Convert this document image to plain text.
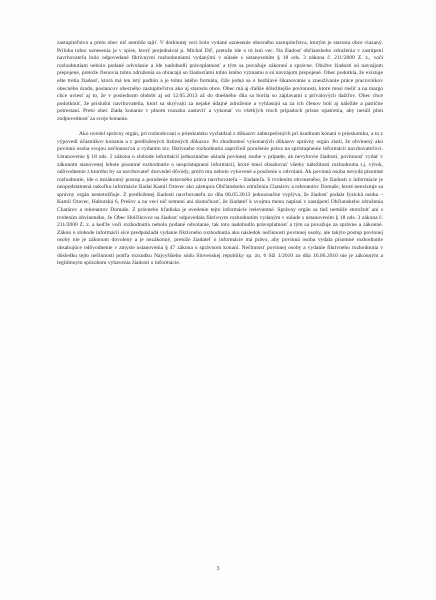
zastupiteľstvo a preto obec nič nemôže tajiť. V dotknutej veci bolo vydané uznesenie obecného zastupiteľstva, ktorým je starosta obce viazaný. Príloha tohto uznesenia je v spise, ktorý prejednával p. Michal Diľ, pretože ide o tú istú vec. Na žiadosť občianskeho združenia v zastúpení navrhovateľa bolo odpovedané fiktívnymi rozhodnutiami vydanými v súlade s ustanovením § 18 ods. 3 zákona č. 211/2000 Z. z., voči rozhodnutiam nebolo podané odvolanie a ide nadobudli právoplatnosť a tým sa považuje zákonné a správne. Obidve žiadosti sú navzájom prepojené, pretože členovia tohto združenia sa obracajú so žiadosťami tohto istého významu a sú navzájom prepojené. Obec podotkla, že existuje ešte tretia žiadosť, ktorá má ten istý podtón a je tohto istého formátu, čiže jedná sa o bezhlavé šikanovanie a zneužívanie práce pracovníkov obecného úradu, poslancov obecného zastupiteľstva ako aj starostu obce. Obec má aj ďalšie dôležitejšie povinnosti, ktoré musí riešiť a na margo chce uviesť aj to, že v poslednom období aj od 12.05.2013 až do dnešného dňa sa borila so záplavami z prívalových dažďov. Obec chce podotknúť, že príslušní navrhovatelia, ktorí sa skrývajú za nejaké údajné združenie a vyhlasujú sa za ich členov boli aj náležite a patrične potrestaní. Preto obec žiada konanie v plnom rozsahu zastaviť a vykonať vo všetkých troch prípadoch prísne opatrenia, aby nesúli plnú zodpovednosť za svoje konanie.

Ako uvedol správny orgán, pri rozhodovaní o prieskumku vychádzal z dôkazov zabezpečených pri úsudnom konaní o prieskumku, a to z výpovedí účastníkov konania a z predložených listinných dôkazov. Po zhodnotení vykonaných dôkazov správny orgán zistil, že obvinený ako povinná osoba svojou nečinnosťou a vydaním tzv. fiktívneho rozhodnutia zapríčinil porušenie práva na sprístupnenie informácií navrhovateľovi. Ustanovenie § 18 ods. 2 zákona o slobode informácií jednoznačne ukladá povinnej osobe v prípade, ak nevyhovie žiadosti, povinnosť vydať v zákonom stanovenej lehote písomné rozhodnutie o nesprístupnení informácií, ktoré musí obsahovať všetky náležitosti rozhodnutia t.j. výrok, odôvodnenie z ktorého by sa navrhovateľ dozvedel dôvody, prečo mu nebolo vyhovené a poučenie o odvolaní. Ak povinná osoba nevydá písomné rozhodnutie, ide o nezákonný postup a porušenie ústavného práva navrhovateľa – žiadateľa. S tvrdením obvineného, že žiadosti o informácie je neopodstatnená nakoľko informácie žiadal Kamil Oravec ako zástupca Občianskeho združenia Chatárov a rekreantov Domaše, ktoré neexistuje sa správny orgán nestotožňuje. Z predloženej žiadosti navrhovateľa zo dňa 06.05.2013 jednoznačne vyplýva, že žiadosť podala fyzická osoba – Kamil Oravec, Haburská 6, Prešov a na veci nič nemení ani skutočnosť, že žiadateľ k svojmu menu napísal v zastúpení Občianskeho združenia Chatárov a rekreantov Domaše. Z právneho hľadiska je uvedenie tejto informácie irelevantné. Správny orgán sa tiež nemôže stotožniť ani s tvrdením obvineného, že Obec Holčikovce na žiadosť odpovedala fiktívnym rozhodnutím vydaným v súlade s ustanovením § 18 ods. 3 zákona č. 211/2000 Z. z. a keďže voči rozhodnutiu nebolo podané odvolanie, tak toto nadobudlo právoplatnosť a tým sa považuje za správne a zákonné. Zákon o slobode informácií síce predpokladá vydanie fiktívneho rozhodnutia ako následok nečinnosti povinnej osoby, ale takýto postup povinnej osoby nie je zákonom dovolený a je nezákonný, pretože žiadateľ o informácie má právo, aby povinná osoba vydala písomné rozhodnutie obsahujúce odôvodnenie v zmysle ustanovenia § 47 zákona o správnom konaní. Nečinnosť povinnej osoby a vydanie fiktívneho rozhodnutia v dôsledku tejto nečinnosti podľa rozsudku Najvyššieho súdu Slovenskej republiky sp. zn. 6 Sži 1/2010 zo dňa 16.06.2010 nie je zákonným a legitímnym spôsobom vybavenia žiadosti o informácie.

3
